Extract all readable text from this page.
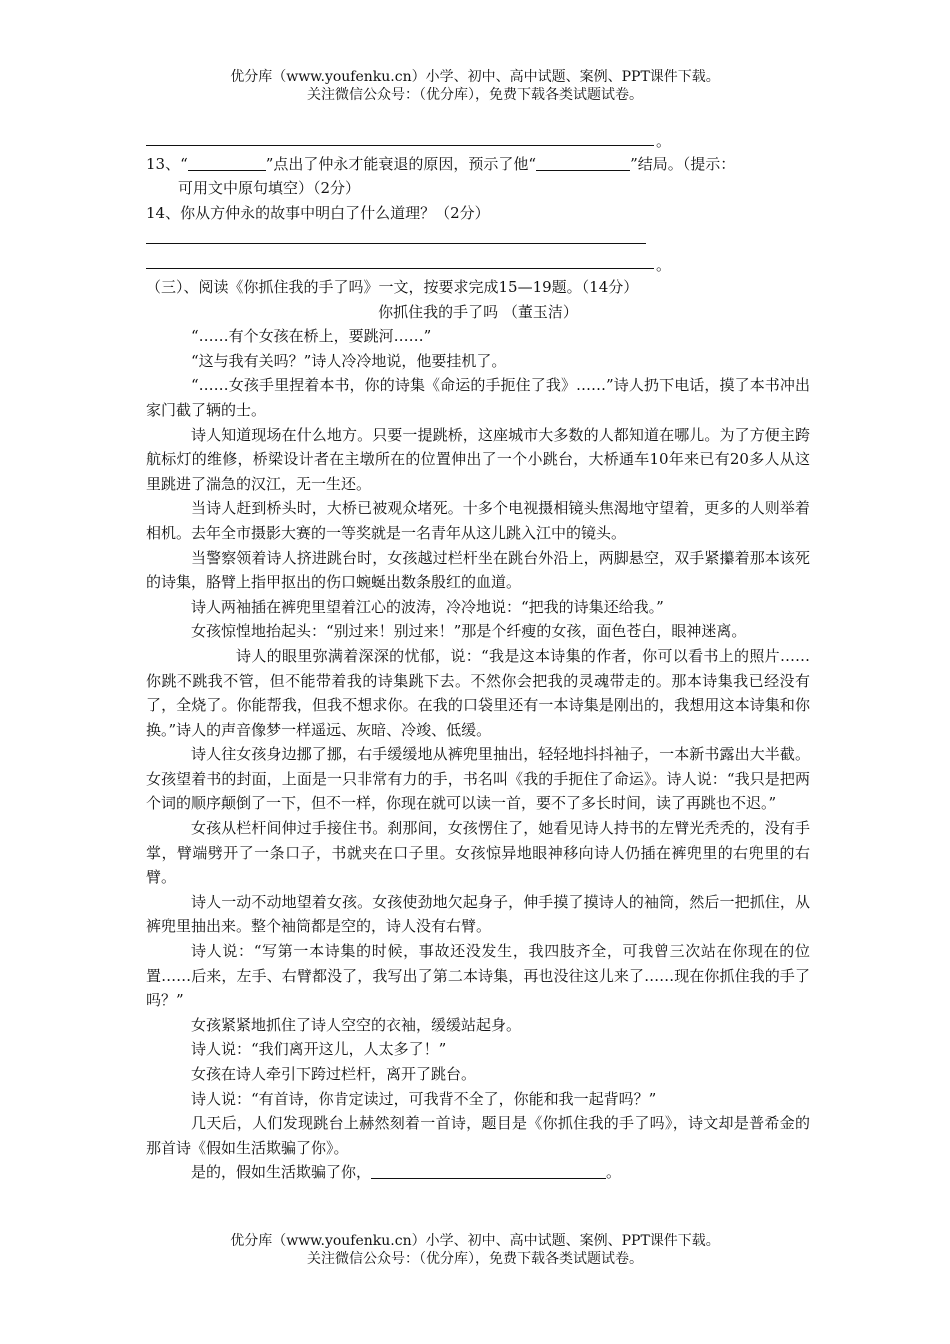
优分库（www.youfenku.cn）小学、初中、高中试题、案例、PPT课件下载。
关注微信公众号：（优分库），免费下载各类试题试卷。
。
13、“	”点出了仲永才能衰退的原因，预示了他“	”结局。（提示：
可用文中原句填空）（2分）
14、你从方仲永的故事中明白了什么道理？（2分）
。

（三）、阅读《你抓住我的手了吗》一文，按要求完成15—19题。（14分）

你抓住我的手了吗 （董玉洁）

“……有个女孩在桥上，要跳河……”

“这与我有关吗？”诗人冷冷地说，他要挂机了。

“……女孩手里捏着本书，你的诗集《命运的手扼住了我》……”诗人扔下电话，摸了本书冲出家门截了辆的士。

诗人知道现场在什么地方。只要一提跳桥，这座城市大多数的人都知道在哪儿。为了方便主跨航标灯的维修，桥梁设计者在主墩所在的位置伸出了一个小跳台，大桥通车10年来已有20多人从这里跳进了湍急的汉江，无一生还。

当诗人赶到桥头时，大桥已被观众堵死。十多个电视摄相镜头焦渴地守望着，更多的人则举着相机。去年全市摄影大赛的一等奖就是一名青年从这儿跳入江中的镜头。

当警察领着诗人挤进跳台时，女孩越过栏杆坐在跳台外沿上，两脚悬空，双手紧攥着那本该死的诗集，胳臂上指甲抠出的伤口蜿蜒出数条殷红的血道。

诗人两袖插在裤兜里望着江心的波涛，冷冷地说：“把我的诗集还给我。”

女孩惊惶地抬起头：“别过来！别过来！”那是个纤瘦的女孩，面色苍白，眼神迷离。

诗人的眼里弥满着深深的忧郁，说：“我是这本诗集的作者，你可以看书上的照片……你跳不跳我不管，但不能带着我的诗集跳下去。不然你会把我的灵魂带走的。那本诗集我已经没有了，全烧了。你能帮我，但我不想求你。在我的口袋里还有一本诗集是刚出的，我想用这本诗集和你换。”诗人的声音像梦一样遥远、灰暗、冷竣、低缓。

诗人往女孩身边挪了挪，右手缓缓地从裤兜里抽出，轻轻地抖抖袖子，一本新书露出大半截。女孩望着书的封面，上面是一只非常有力的手，书名叫《我的手扼住了命运》。诗人说：“我只是把两个词的顺序颠倒了一下，但不一样，你现在就可以读一首，要不了多长时间，读了再跳也不迟。”

女孩从栏杆间伸过手接住书。刹那间，女孩愣住了，她看见诗人持书的左臂光秃秃的，没有手掌，臂端劈开了一条口子，书就夹在口子里。女孩惊异地眼神移向诗人仍插在裤兜里的右兜里的右臂。

诗人一动不动地望着女孩。女孩使劲地欠起身子，伸手摸了摸诗人的袖筒，然后一把抓住，从裤兜里抽出来。整个袖筒都是空的，诗人没有右臂。

诗人说：“写第一本诗集的时候，事故还没发生，我四肢齐全，可我曾三次站在你现在的位置……后来，左手、右臂都没了，我写出了第二本诗集，再也没往这儿来了……现在你抓住我的手了吗？”

女孩紧紧地抓住了诗人空空的衣袖，缓缓站起身。

诗人说：“我们离开这儿，人太多了！”

女孩在诗人牵引下跨过栏杆，离开了跳台。

诗人说：“有首诗，你肯定读过，可我背不全了，你能和我一起背吗？”

几天后，人们发现跳台上赫然刻着一首诗，题目是《你抓住我的手了吗》，诗文却是普希金的那首诗《假如生活欺骗了你》。

是的，假如生活欺骗了你，	。

优分库（www.youfenku.cn）小学、初中、高中试题、案例、PPT课件下载。
关注微信公众号：（优分库），免费下载各类试题试卷。
